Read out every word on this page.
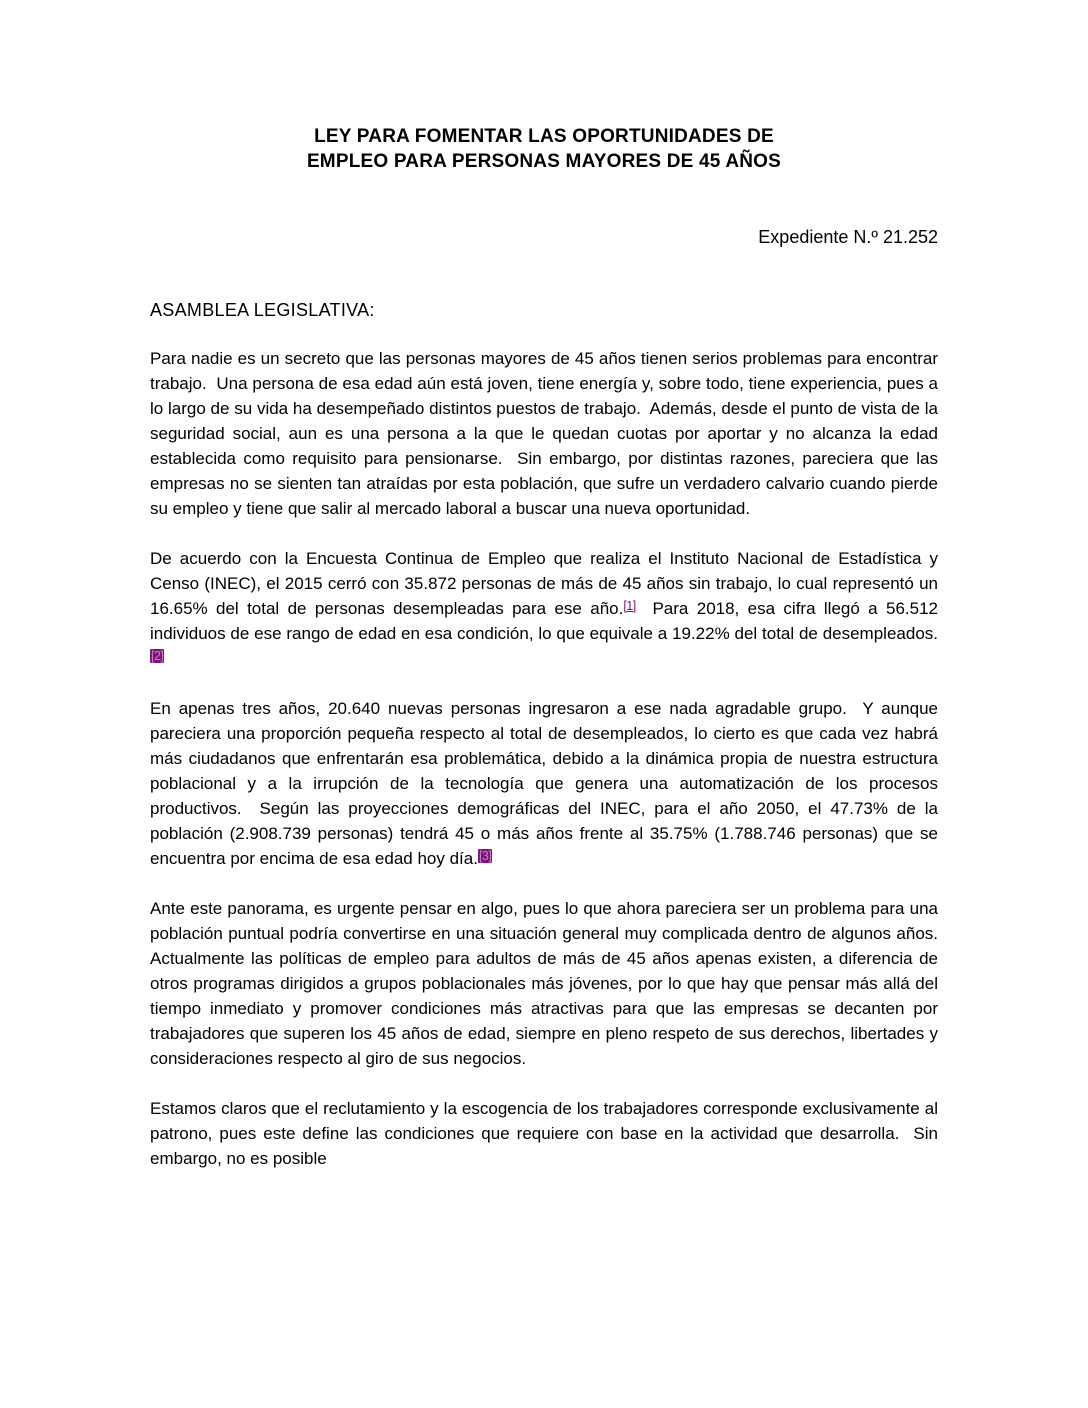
LEY PARA FOMENTAR LAS OPORTUNIDADES DE
EMPLEO PARA PERSONAS MAYORES DE 45 AÑOS
Expediente N.º 21.252
ASAMBLEA LEGISLATIVA:

Para nadie es un secreto que las personas mayores de 45 años tienen serios problemas para encontrar trabajo.  Una persona de esa edad aún está joven, tiene energía y, sobre todo, tiene experiencia, pues a lo largo de su vida ha desempeñado distintos puestos de trabajo.  Además, desde el punto de vista de la seguridad social, aun es una persona a la que le quedan cuotas por aportar y no alcanza la edad establecida como requisito para pensionarse.  Sin embargo, por distintas razones, pareciera que las empresas no se sienten tan atraídas por esta población, que sufre un verdadero calvario cuando pierde su empleo y tiene que salir al mercado laboral a buscar una nueva oportunidad.

De acuerdo con la Encuesta Continua de Empleo que realiza el Instituto Nacional de Estadística y Censo (INEC), el 2015 cerró con 35.872 personas de más de 45 años sin trabajo, lo cual representó un 16.65% del total de personas desempleadas para ese año.[1]  Para 2018, esa cifra llegó a 56.512 individuos de ese rango de edad en esa condición, lo que equivale a 19.22% del total de desempleados.[2]

En apenas tres años, 20.640 nuevas personas ingresaron a ese nada agradable grupo.  Y aunque pareciera una proporción pequeña respecto al total de desempleados, lo cierto es que cada vez habrá más ciudadanos que enfrentarán esa problemática, debido a la dinámica propia de nuestra estructura poblacional y a la irrupción de la tecnología que genera una automatización de los procesos productivos.  Según las proyecciones demográficas del INEC, para el año 2050, el 47.73% de la población (2.908.739 personas) tendrá 45 o más años frente al 35.75% (1.788.746 personas) que se encuentra por encima de esa edad hoy día.[3]

Ante este panorama, es urgente pensar en algo, pues lo que ahora pareciera ser un problema para una población puntual podría convertirse en una situación general muy complicada dentro de algunos años.  Actualmente las políticas de empleo para adultos de más de 45 años apenas existen, a diferencia de otros programas dirigidos a grupos poblacionales más jóvenes, por lo que hay que pensar más allá del tiempo inmediato y promover condiciones más atractivas para que las empresas se decanten por trabajadores que superen los 45 años de edad, siempre en pleno respeto de sus derechos, libertades y consideraciones respecto al giro de sus negocios.

Estamos claros que el reclutamiento y la escogencia de los trabajadores corresponde exclusivamente al patrono, pues este define las condiciones que requiere con base en la actividad que desarrolla.  Sin embargo, no es posible
